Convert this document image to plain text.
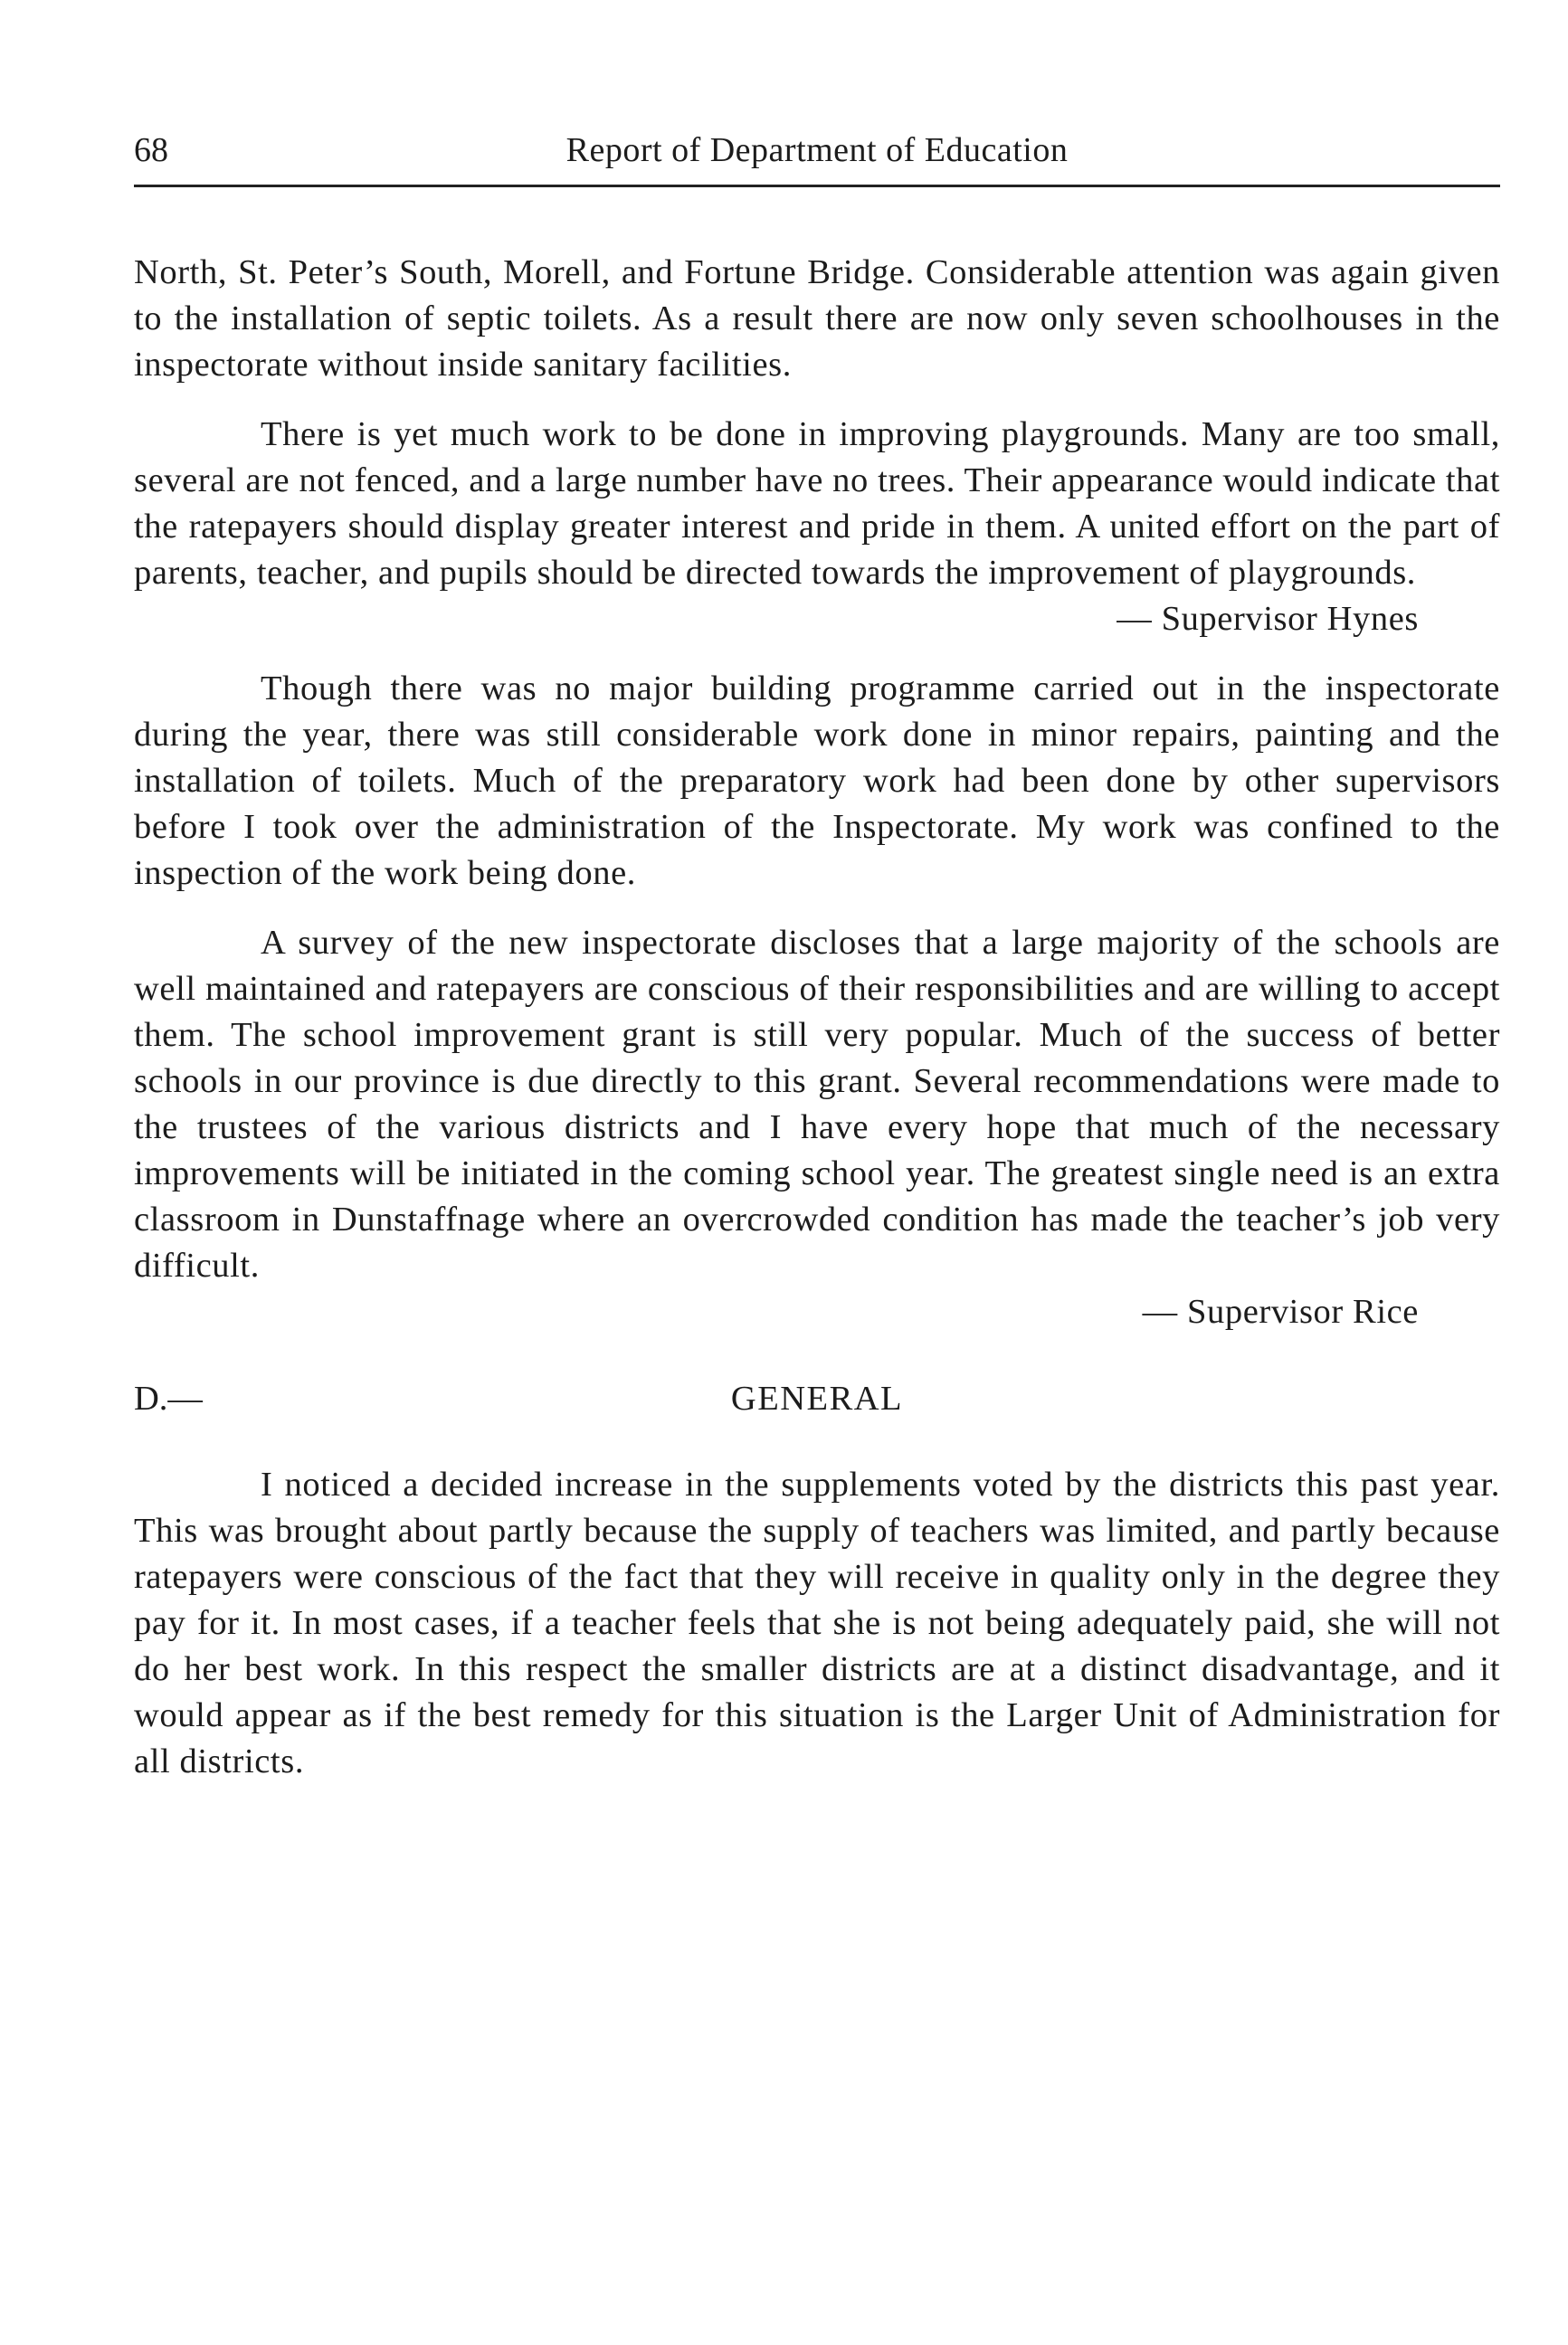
68	Report of Department of Education

North, St. Peter’s South, Morell, and Fortune Bridge. Considerable attention was again given to the installation of septic toilets. As a result there are now only seven schoolhouses in the inspectorate without inside sanitary facilities.

There is yet much work to be done in improving playgrounds. Many are too small, several are not fenced, and a large number have no trees. Their appearance would indicate that the ratepayers should display greater interest and pride in them. A united effort on the part of parents, teacher, and pupils should be directed towards the improvement of playgrounds.

— Supervisor Hynes

Though there was no major building programme carried out in the inspectorate during the year, there was still considerable work done in minor repairs, painting and the installation of toilets. Much of the preparatory work had been done by other supervisors before I took over the administration of the Inspectorate. My work was confined to the inspection of the work being done.

A survey of the new inspectorate discloses that a large majority of the schools are well maintained and ratepayers are conscious of their responsibilities and are willing to accept them. The school improvement grant is still very popular. Much of the success of better schools in our province is due directly to this grant. Several recommendations were made to the trustees of the various districts and I have every hope that much of the necessary improvements will be initiated in the coming school year. The greatest single need is an extra classroom in Dunstaffnage where an overcrowded condition has made the teacher’s job very difficult.

— Supervisor Rice
D.—	GENERAL

I noticed a decided increase in the supplements voted by the districts this past year. This was brought about partly because the supply of teachers was limited, and partly because ratepayers were conscious of the fact that they will receive in quality only in the degree they pay for it. In most cases, if a teacher feels that she is not being adequately paid, she will not do her best work. In this respect the smaller districts are at a distinct disadvantage, and it would appear as if the best remedy for this situation is the Larger Unit of Administration for all districts.
